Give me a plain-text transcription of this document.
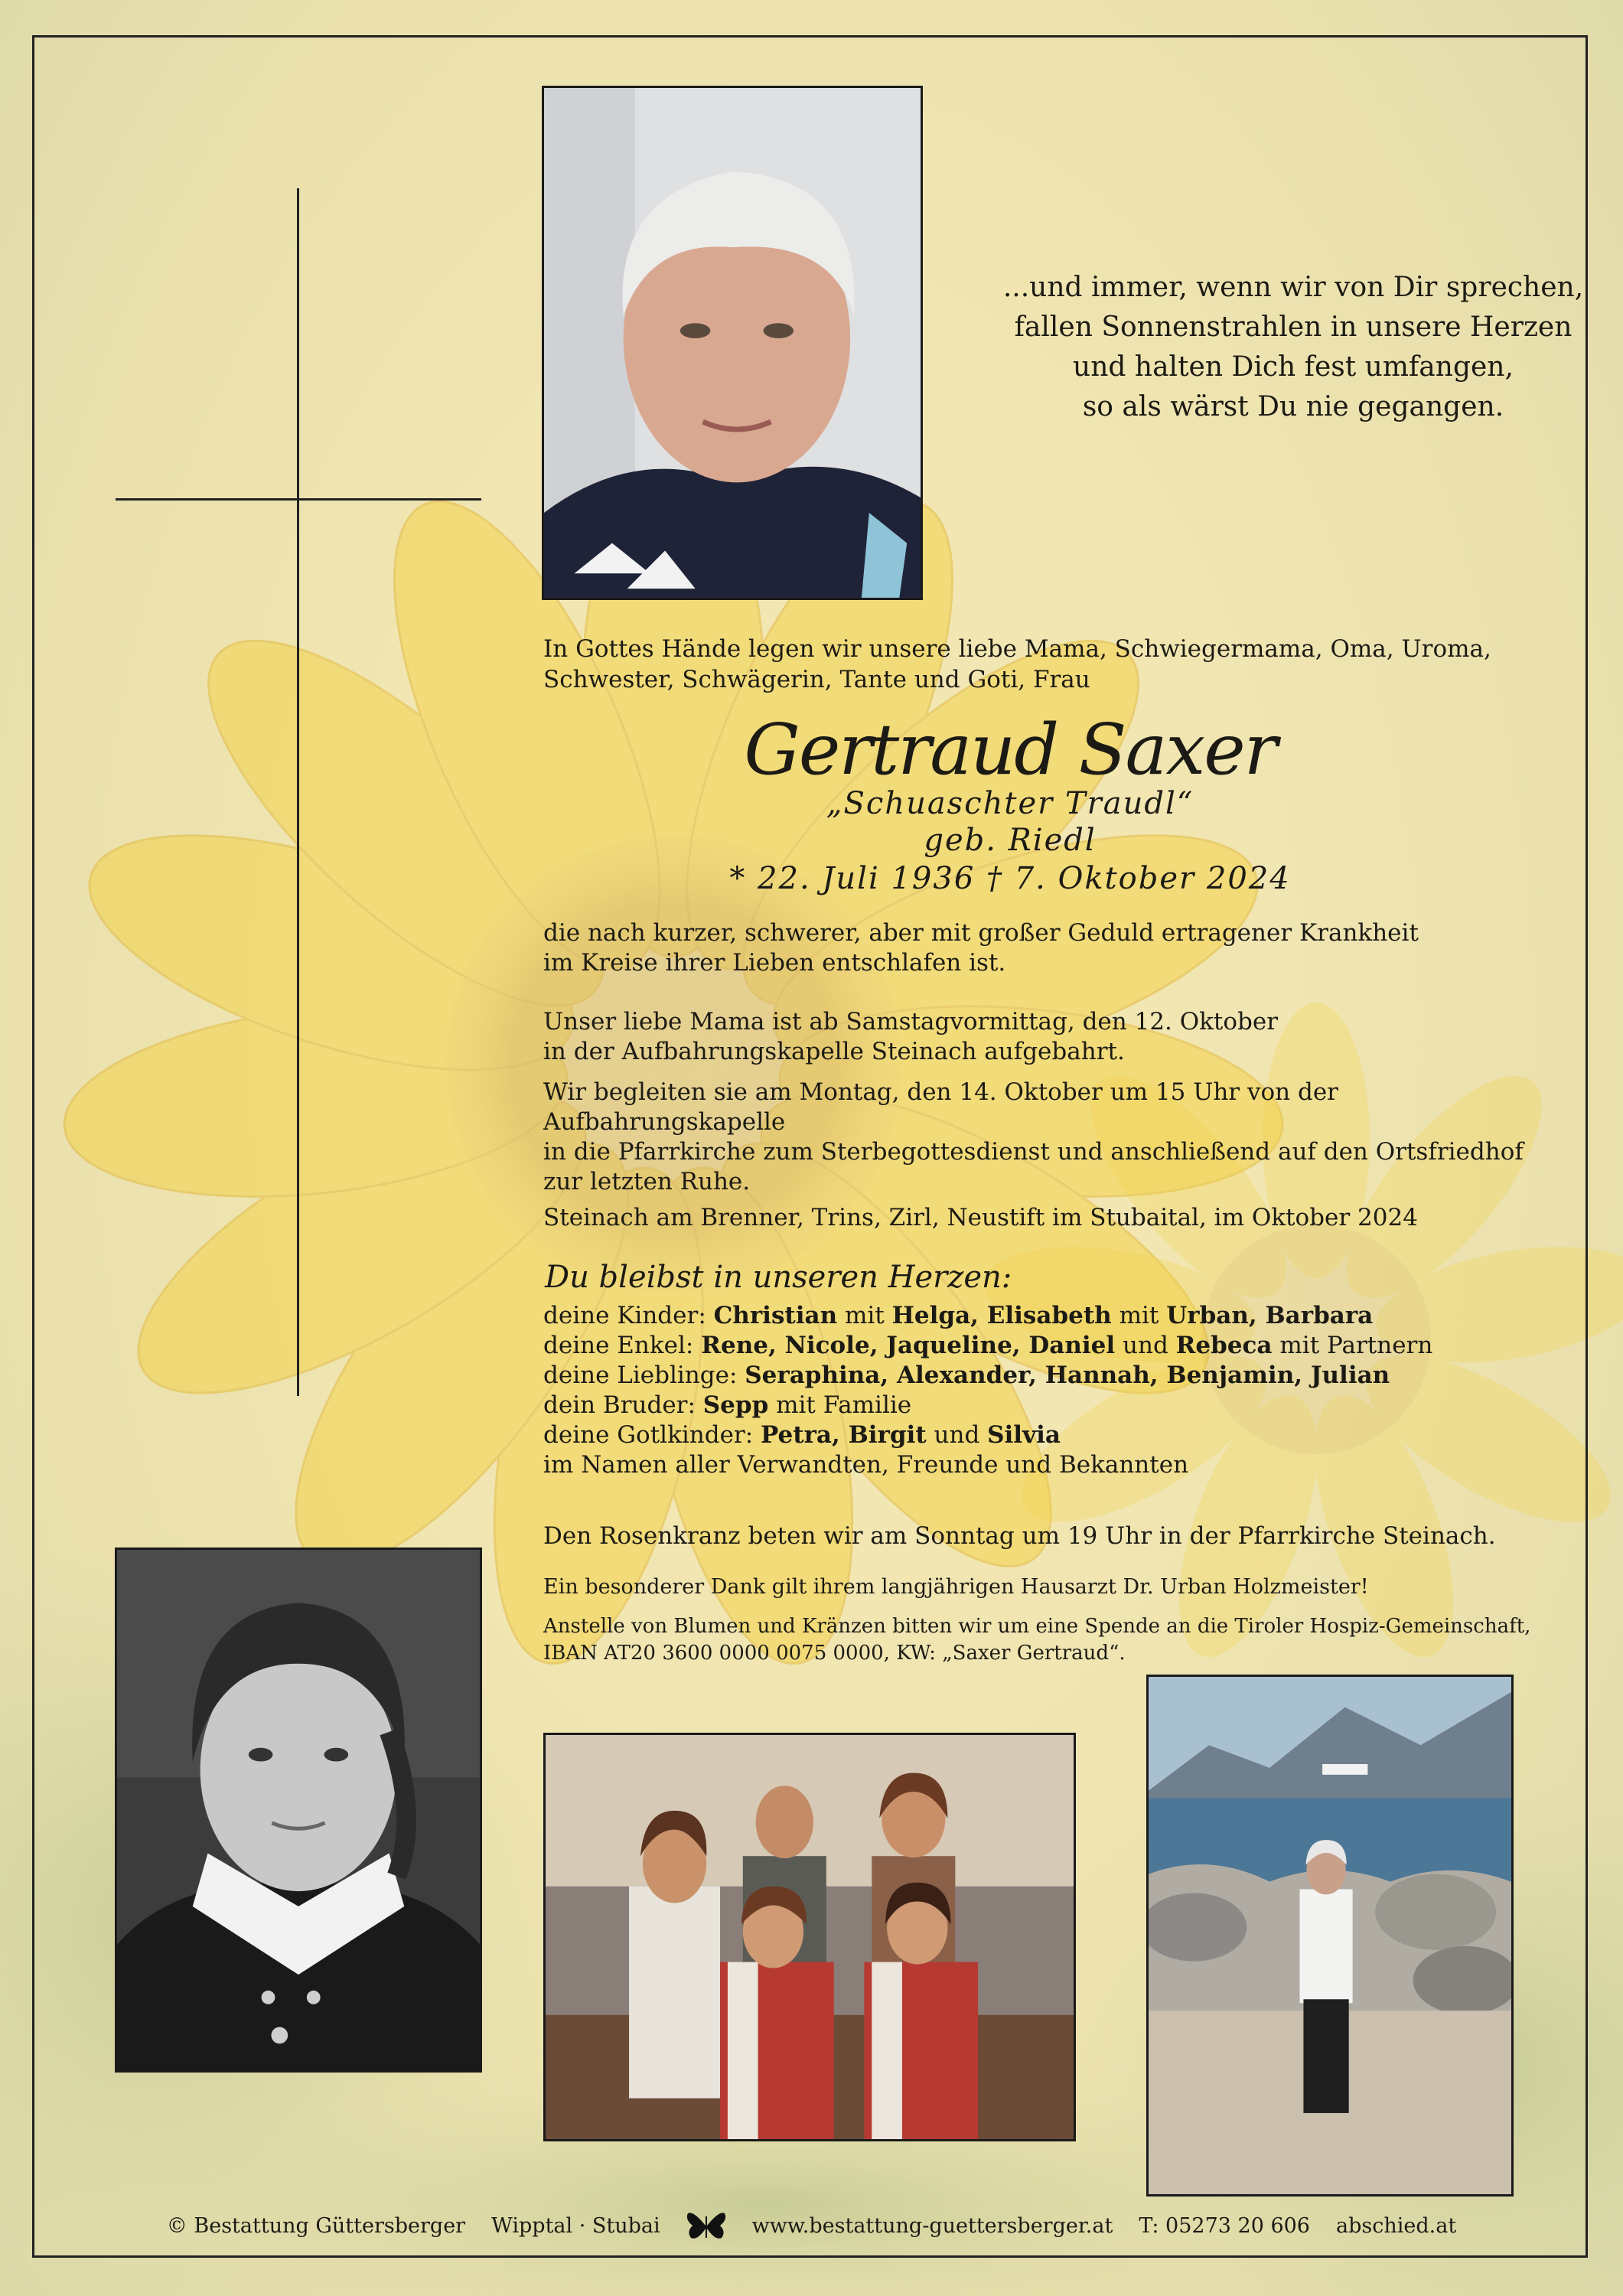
...und immer, wenn wir von Dir sprechen,

fallen Sonnenstrahlen in unsere Herzen

und halten Dich fest umfangen,

so als wärst Du nie gegangen.

In Gottes Hände legen wir unsere liebe Mama, Schwiegermama, Oma, Uroma,

Schwester, Schwägerin, Tante und Goti, Frau

Gertraud Saxer
„Schuaschter Traudl“
geb. Riedl
* 22. Juli 1936 † 7. Oktober 2024

die nach kurzer, schwerer, aber mit großer Geduld ertragener Krankheit

im Kreise ihrer Lieben entschlafen ist.

Unser liebe Mama ist ab Samstagvormittag, den 12. Oktober

in der Aufbahrungskapelle Steinach aufgebahrt.

Wir begleiten sie am Montag, den 14. Oktober um 15 Uhr von der Aufbahrungskapelle

in die Pfarrkirche zum Sterbegottesdienst und anschließend auf den Ortsfriedhof

zur letzten Ruhe.

Steinach am Brenner, Trins, Zirl, Neustift im Stubaital, im Oktober 2024
Du bleibst in unseren Herzen:

deine Kinder: Christian mit Helga, Elisabeth mit Urban, Barbara

deine Enkel: Rene, Nicole, Jaqueline, Daniel und Rebeca mit Partnern

deine Lieblinge: Seraphina, Alexander, Hannah, Benjamin, Julian

dein Bruder: Sepp mit Familie

deine Gotlkinder: Petra, Birgit und Silvia

im Namen aller Verwandten, Freunde und Bekannten

Den Rosenkranz beten wir am Sonntag um 19 Uhr in der Pfarrkirche Steinach.
Ein besonderer Dank gilt ihrem langjährigen Hausarzt Dr. Urban Holzmeister!

Anstelle von Blumen und Kränzen bitten wir um eine Spende an die Tiroler Hospiz-Gemeinschaft,

IBAN AT20 3600 0000 0075 0000, KW: „Saxer Gertraud“.

© Bestattung Güttersberger Wipptal · Stubai	www.bestattung-guettersberger.at T: 05273 20 606 abschied.at
